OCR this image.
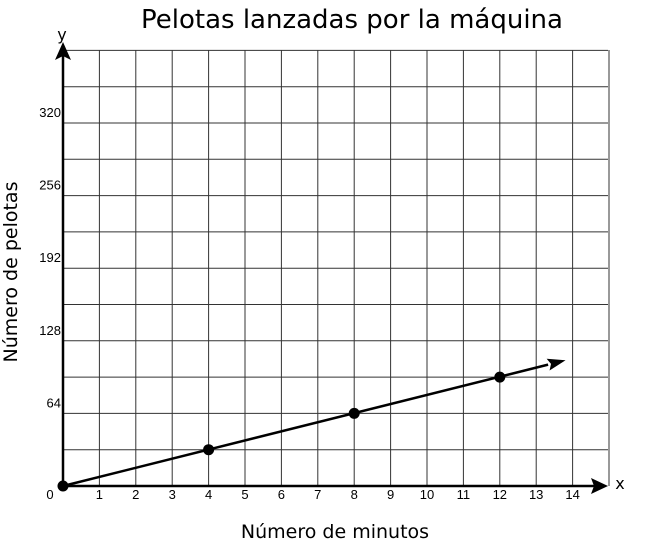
Pelotas lanzadas por la máquina
1 2 3 4 5 6 7 8 9 10 11 12 13 14
64
128
192
256
320
0
x
y
Número de minutos
Número de pelotas
